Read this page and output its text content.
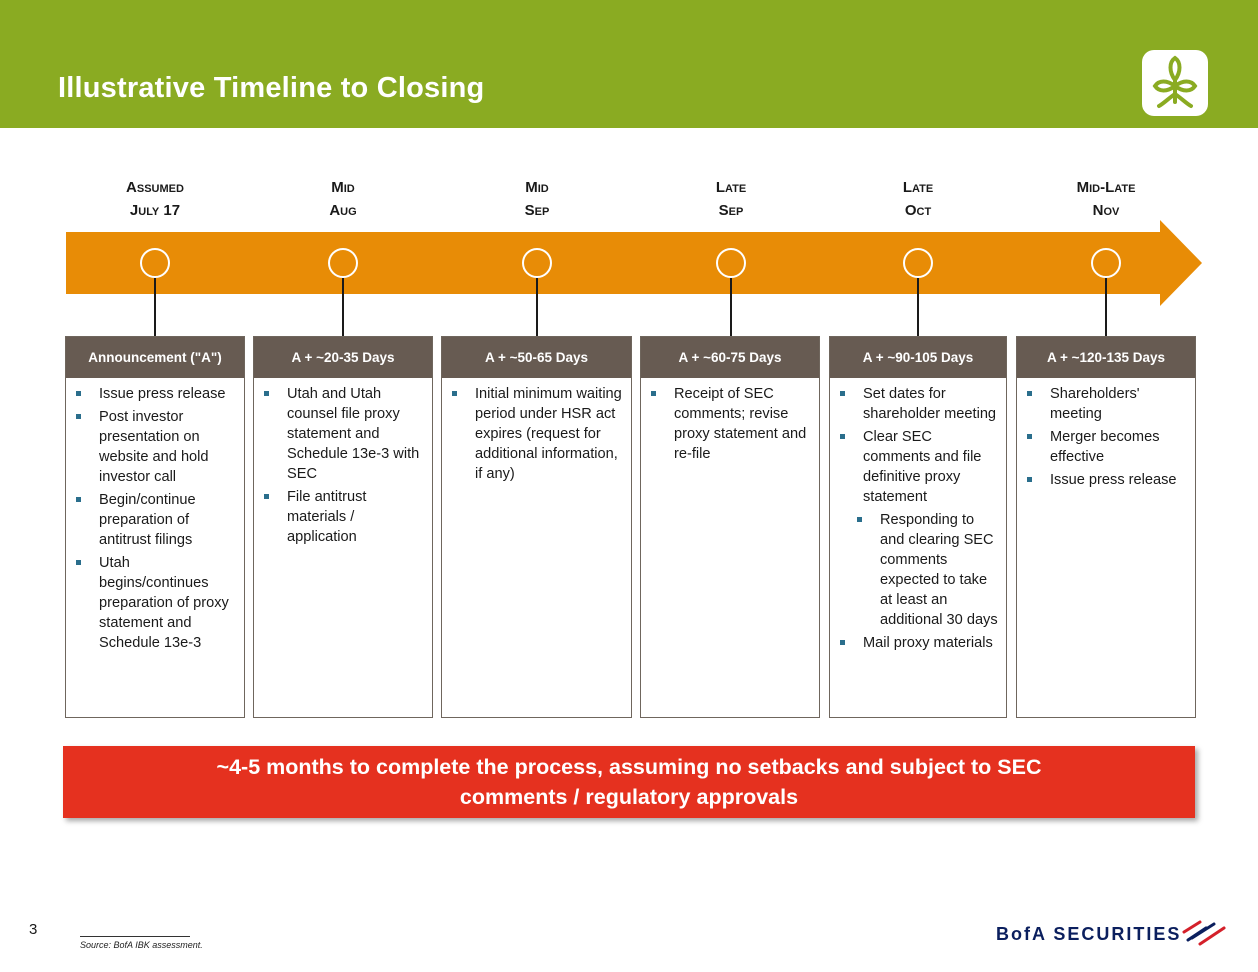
Illustrative Timeline to Closing
Assumed
July 17
Announcement ("A")
Issue press release
Post investor presentation on website and hold investor call
Begin/continue preparation of antitrust filings
Utah begins/continues preparation of proxy statement and Schedule 13e-3
Mid
Aug
A + ~20-35 Days
Utah and Utah counsel file proxy statement and Schedule 13e-3 with SEC
File antitrust materials / application
Mid
Sep
A + ~50-65 Days
Initial minimum waiting period under HSR act expires (request for additional information, if any)
Late
Sep
A + ~60-75 Days
Receipt of SEC comments; revise proxy statement and re-file
Late
Oct
A + ~90-105 Days
Set dates for shareholder meeting
Clear SEC comments and file definitive proxy statement
Responding to and clearing SEC comments expected to take at least an additional 30 days
Mail proxy materials
Mid-Late
Nov
A + ~120-135 Days
Shareholders' meeting
Merger becomes effective
Issue press release
~4-5 months to complete the process, assuming no setbacks and subject to SEC
comments / regulatory approvals
3
Source: BofA IBK assessment.
BofA SECURITIES
